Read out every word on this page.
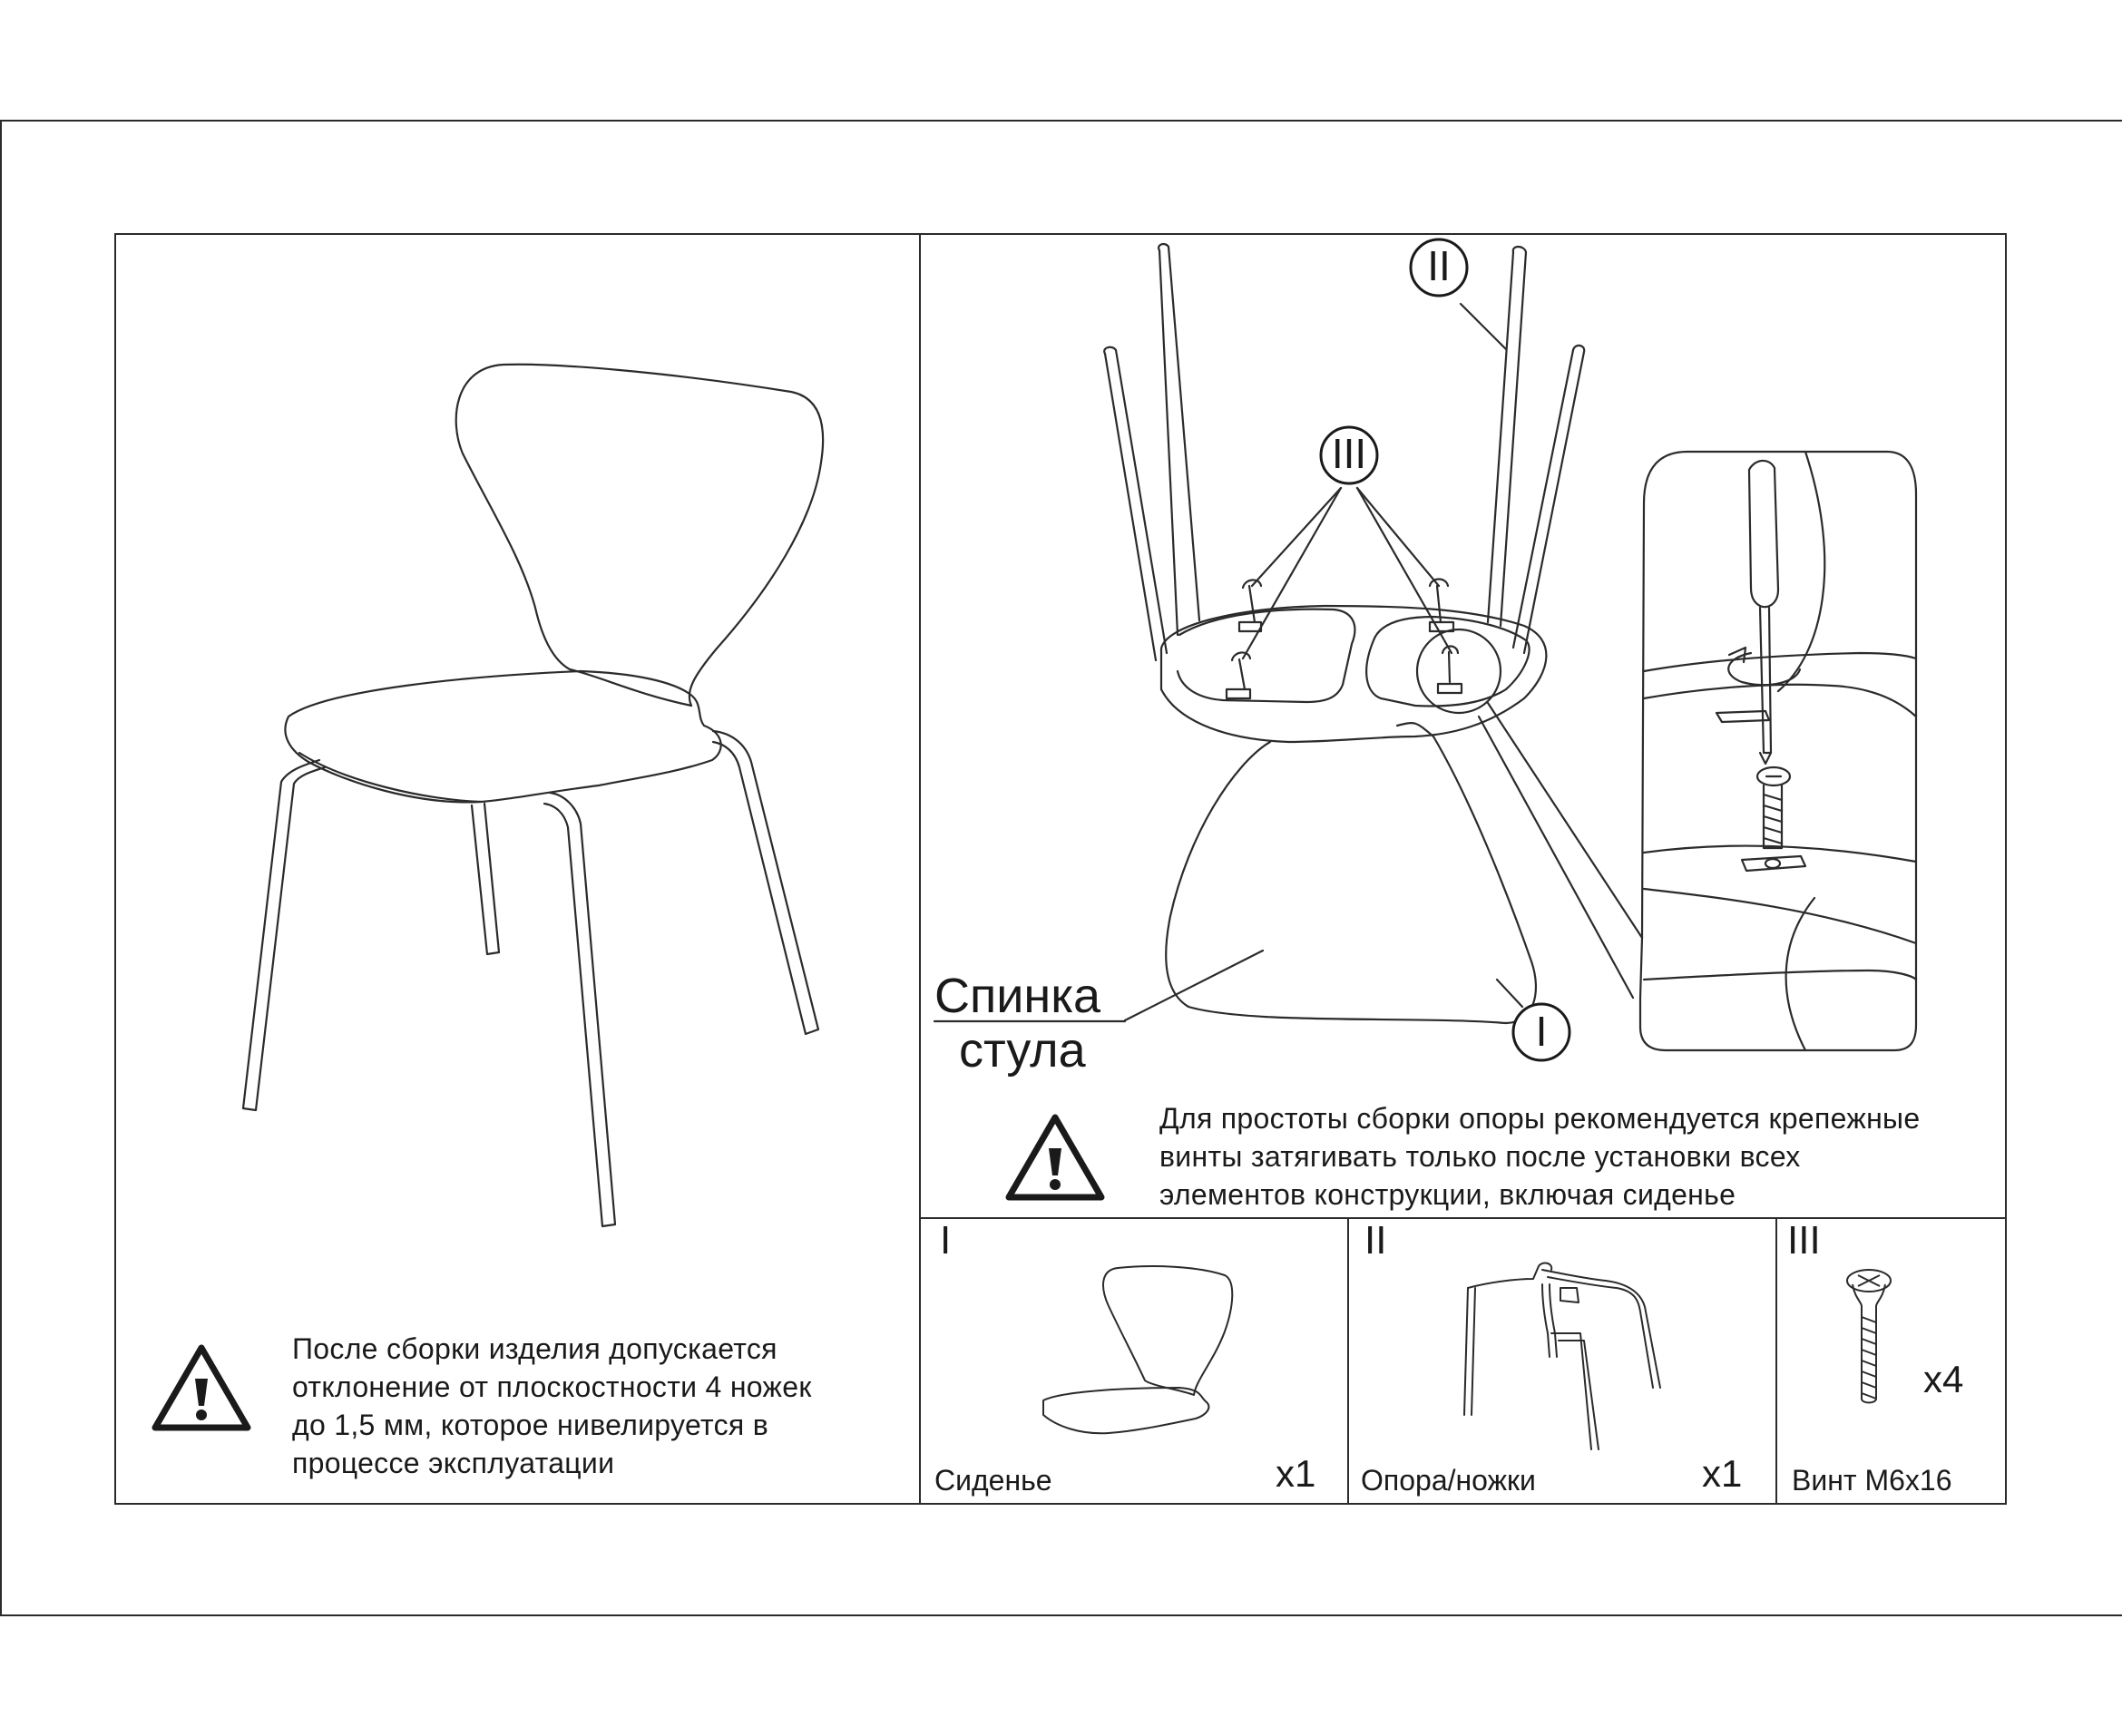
После сборки изделия допускается
отклонение от плоскостности 4 ножек
до 1,5 мм, которое нивелируется в
процессе эксплуатации
II
III
I
Спинка
стула
Для простоты сборки опоры рекомендуется крепежные
винты затягивать только после установки всех
элементов конструкции, включая сиденье
I
Сиденье	x1
II
Опора/ножки	x1
III
Винт М6х16
x4
